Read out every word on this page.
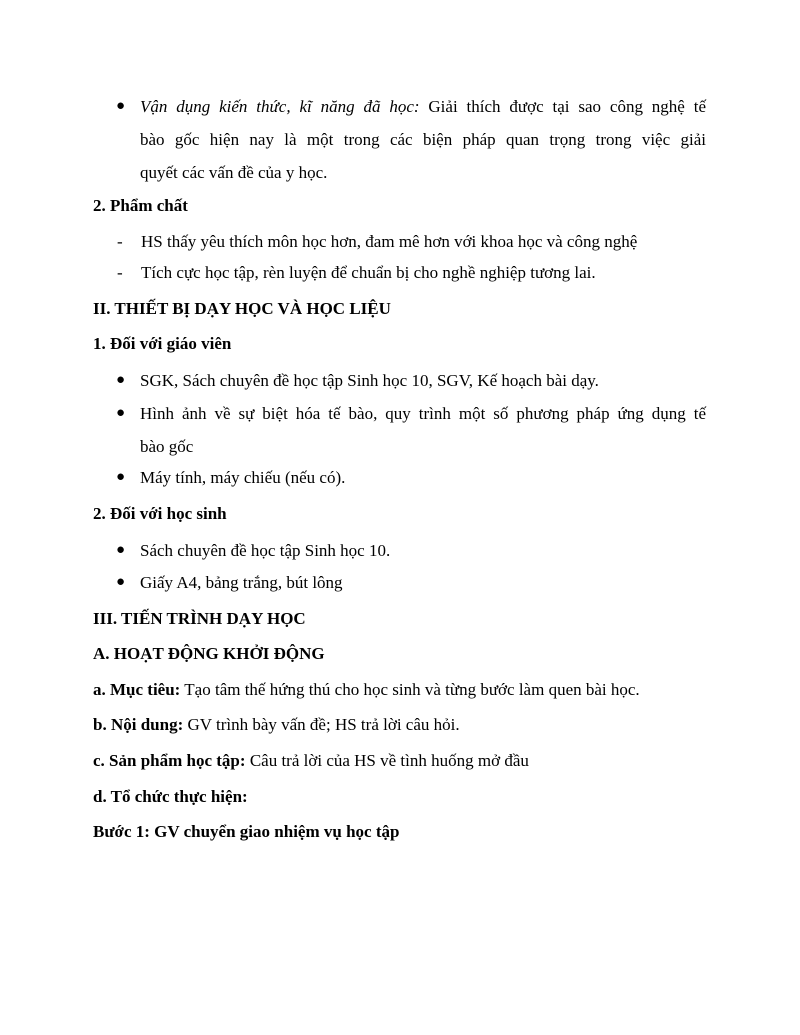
● Vận dụng kiến thức, kĩ năng đã học: Giải thích được tại sao công nghệ tế
bào gốc hiện nay là một trong các biện pháp quan trọng trong việc giải
quyết các vấn đề của y học.
2. Phẩm chất
- HS thấy yêu thích môn học hơn, đam mê hơn với khoa học và công nghệ
- Tích cực học tập, rèn luyện để chuẩn bị cho nghề nghiệp tương lai.
II. THIẾT BỊ DẠY HỌC VÀ HỌC LIỆU
1. Đối với giáo viên
● SGK, Sách chuyên đề học tập Sinh học 10, SGV, Kế hoạch bài dạy.
● Hình ảnh về sự biệt hóa tế bào, quy trình một số phương pháp ứng dụng tế
bào gốc
● Máy tính, máy chiếu (nếu có).
2. Đối với học sinh
● Sách chuyên đề học tập Sinh học 10.
● Giấy A4, bảng trắng, bút lông
III. TIẾN TRÌNH DẠY HỌC
A. HOẠT ĐỘNG KHỞI ĐỘNG
a. Mục tiêu: Tạo tâm thế hứng thú cho học sinh và từng bước làm quen bài học.
b. Nội dung: GV trình bày vấn đề; HS trả lời câu hỏi.
c. Sản phẩm học tập: Câu trả lời của HS về tình huống mở đầu
d. Tổ chức thực hiện:
Bước 1: GV chuyển giao nhiệm vụ học tập
